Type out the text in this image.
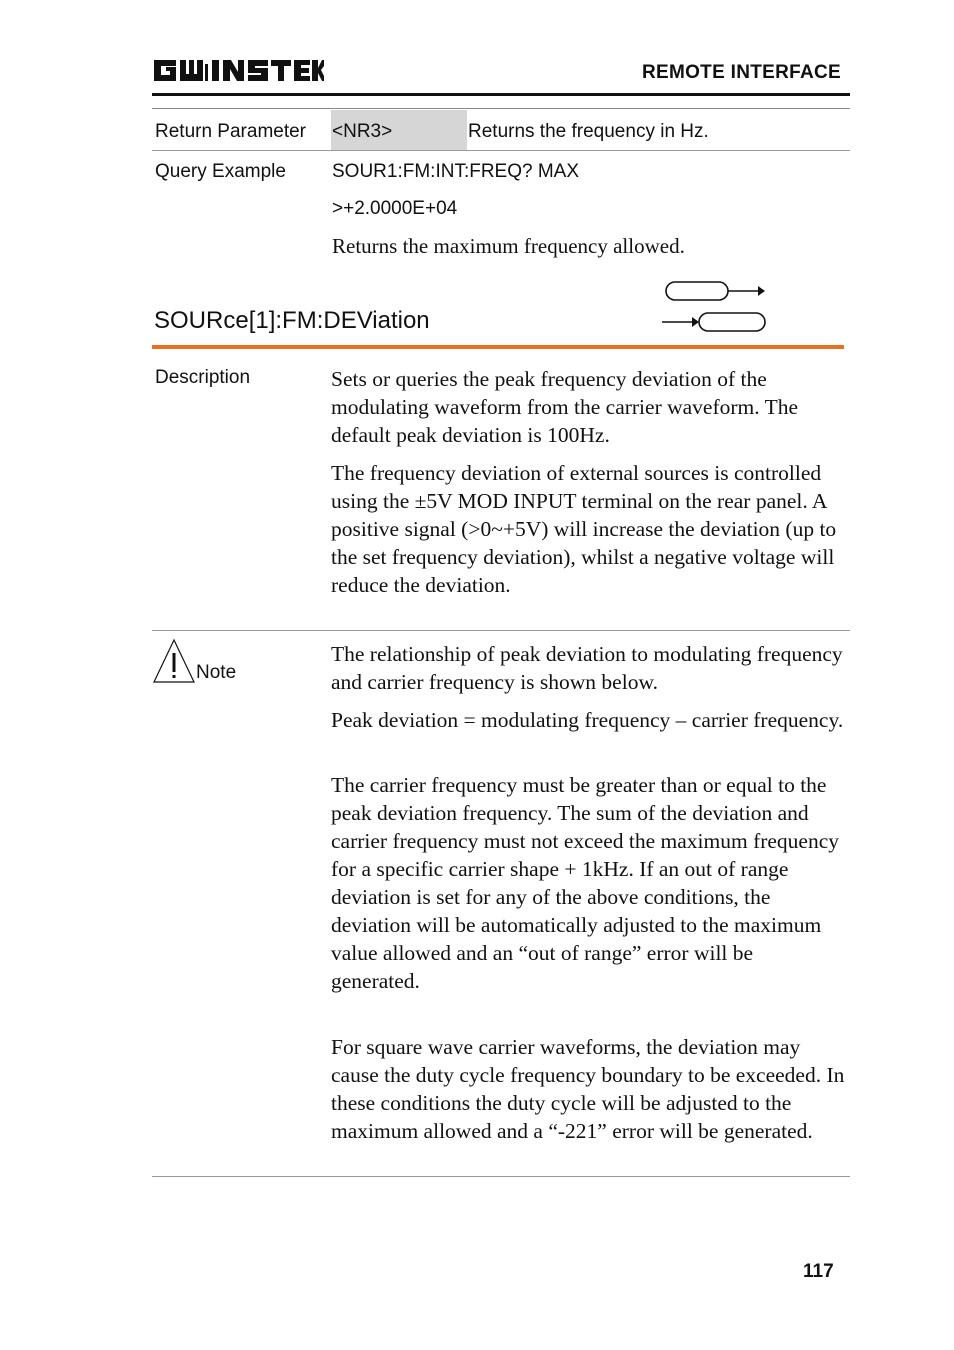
REMOTE INTERFACE
Return Parameter <NR3>	Returns the frequency in Hz.
Query Example SOUR1:FM:INT:FREQ? MAX
>+2.0000E+04
Returns the maximum frequency allowed.
SOURce[1]:FM:DEViation
Description	Sets or queries the peak frequency deviation of the modulating waveform from the carrier waveform. The default peak deviation is 100Hz.

The frequency deviation of external sources is controlled using the ±5V MOD INPUT terminal on the rear panel. A positive signal (>0~+5V) will increase the deviation (up to the set frequency deviation), whilst a negative voltage will reduce the deviation.

Note

The relationship of peak deviation to modulating frequency and carrier frequency is shown below.

Peak deviation = modulating frequency – carrier frequency.

The carrier frequency must be greater than or equal to the peak deviation frequency. The sum of the deviation and carrier frequency must not exceed the maximum frequency for a specific carrier shape + 1kHz. If an out of range deviation is set for any of the above conditions, the deviation will be automatically adjusted to the maximum value allowed and an “out of range” error will be generated.

For square wave carrier waveforms, the deviation may cause the duty cycle frequency boundary to be exceeded. In these conditions the duty cycle will be adjusted to the maximum allowed and a “-221” error will be generated.

117
